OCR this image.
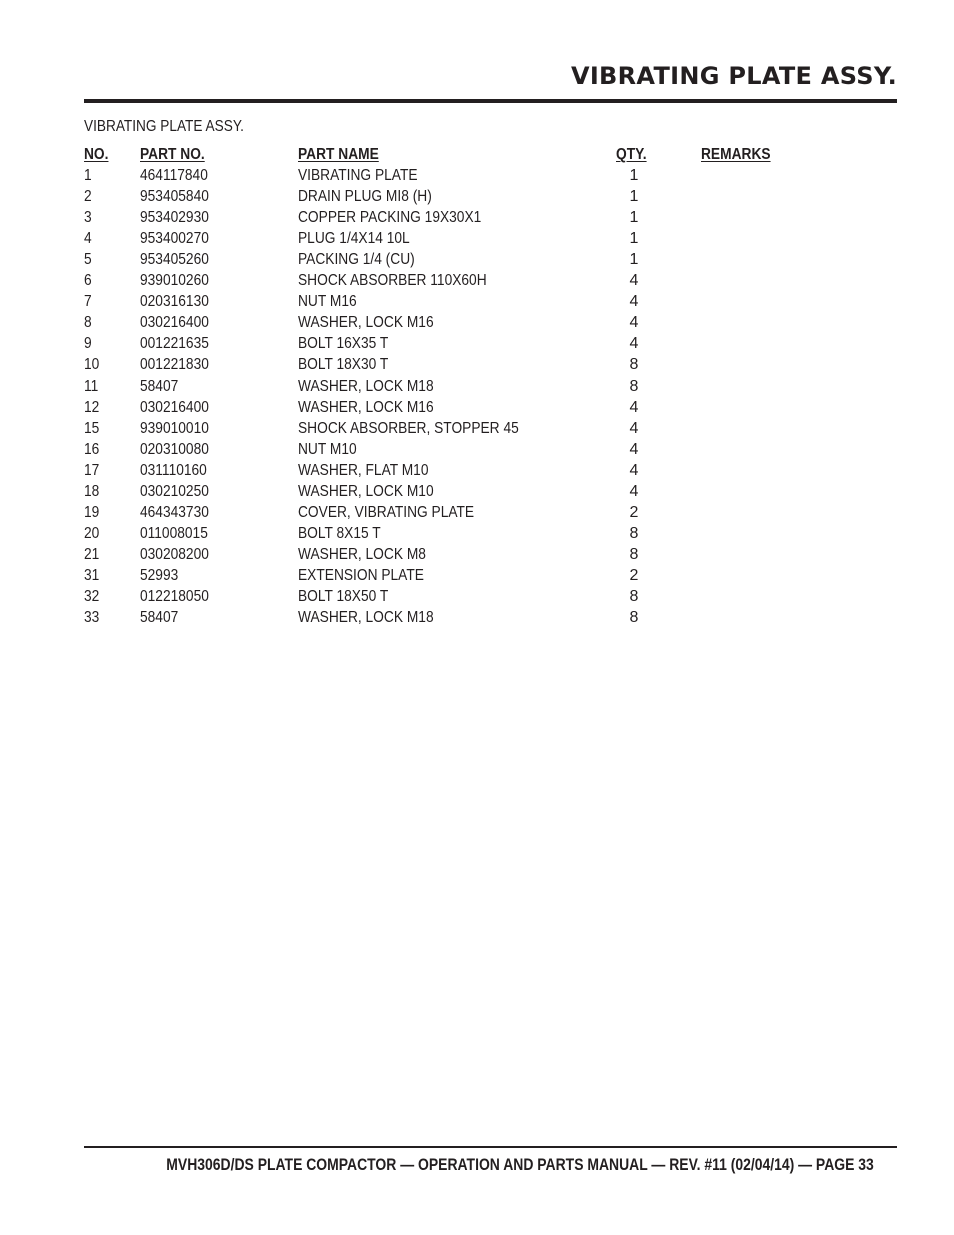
VIBRATING PLATE ASSY.
VIBRATING PLATE ASSY.
NO. PART NO.	PART NAME	QTY.	REMARKS
1	464117840	VIBRATING PLATE	1
2	953405840	DRAIN PLUG MI8 (H)	1
3	953402930	COPPER PACKING 19X30X1	1
4	953400270	PLUG 1/4X14 10L	1
5	953405260	PACKING 1/4 (CU)	1
6	939010260	SHOCK ABSORBER 110X60H	4
7	020316130	NUT M16	4
8	030216400	WASHER, LOCK M16	4
9	001221635	BOLT 16X35 T	4
10	001221830	BOLT 18X30 T	8
11	58407	WASHER, LOCK M18	8
12	030216400	WASHER, LOCK M16	4
15	939010010	SHOCK ABSORBER, STOPPER 45	4
16	020310080	NUT M10	4
17	031110160	WASHER, FLAT M10	4
18	030210250	WASHER, LOCK M10	4
19	464343730	COVER, VIBRATING PLATE	2
20	011008015	BOLT 8X15 T	8
21	030208200	WASHER, LOCK M8	8
31	52993	EXTENSION PLATE	2
32	012218050	BOLT 18X50 T	8
33	58407	WASHER, LOCK M18	8
MVH306D/DS PLATE COMPACTOR — OPERATION AND PARTS MANUAL — REV. #11 (02/04/14) — PAGE 33
